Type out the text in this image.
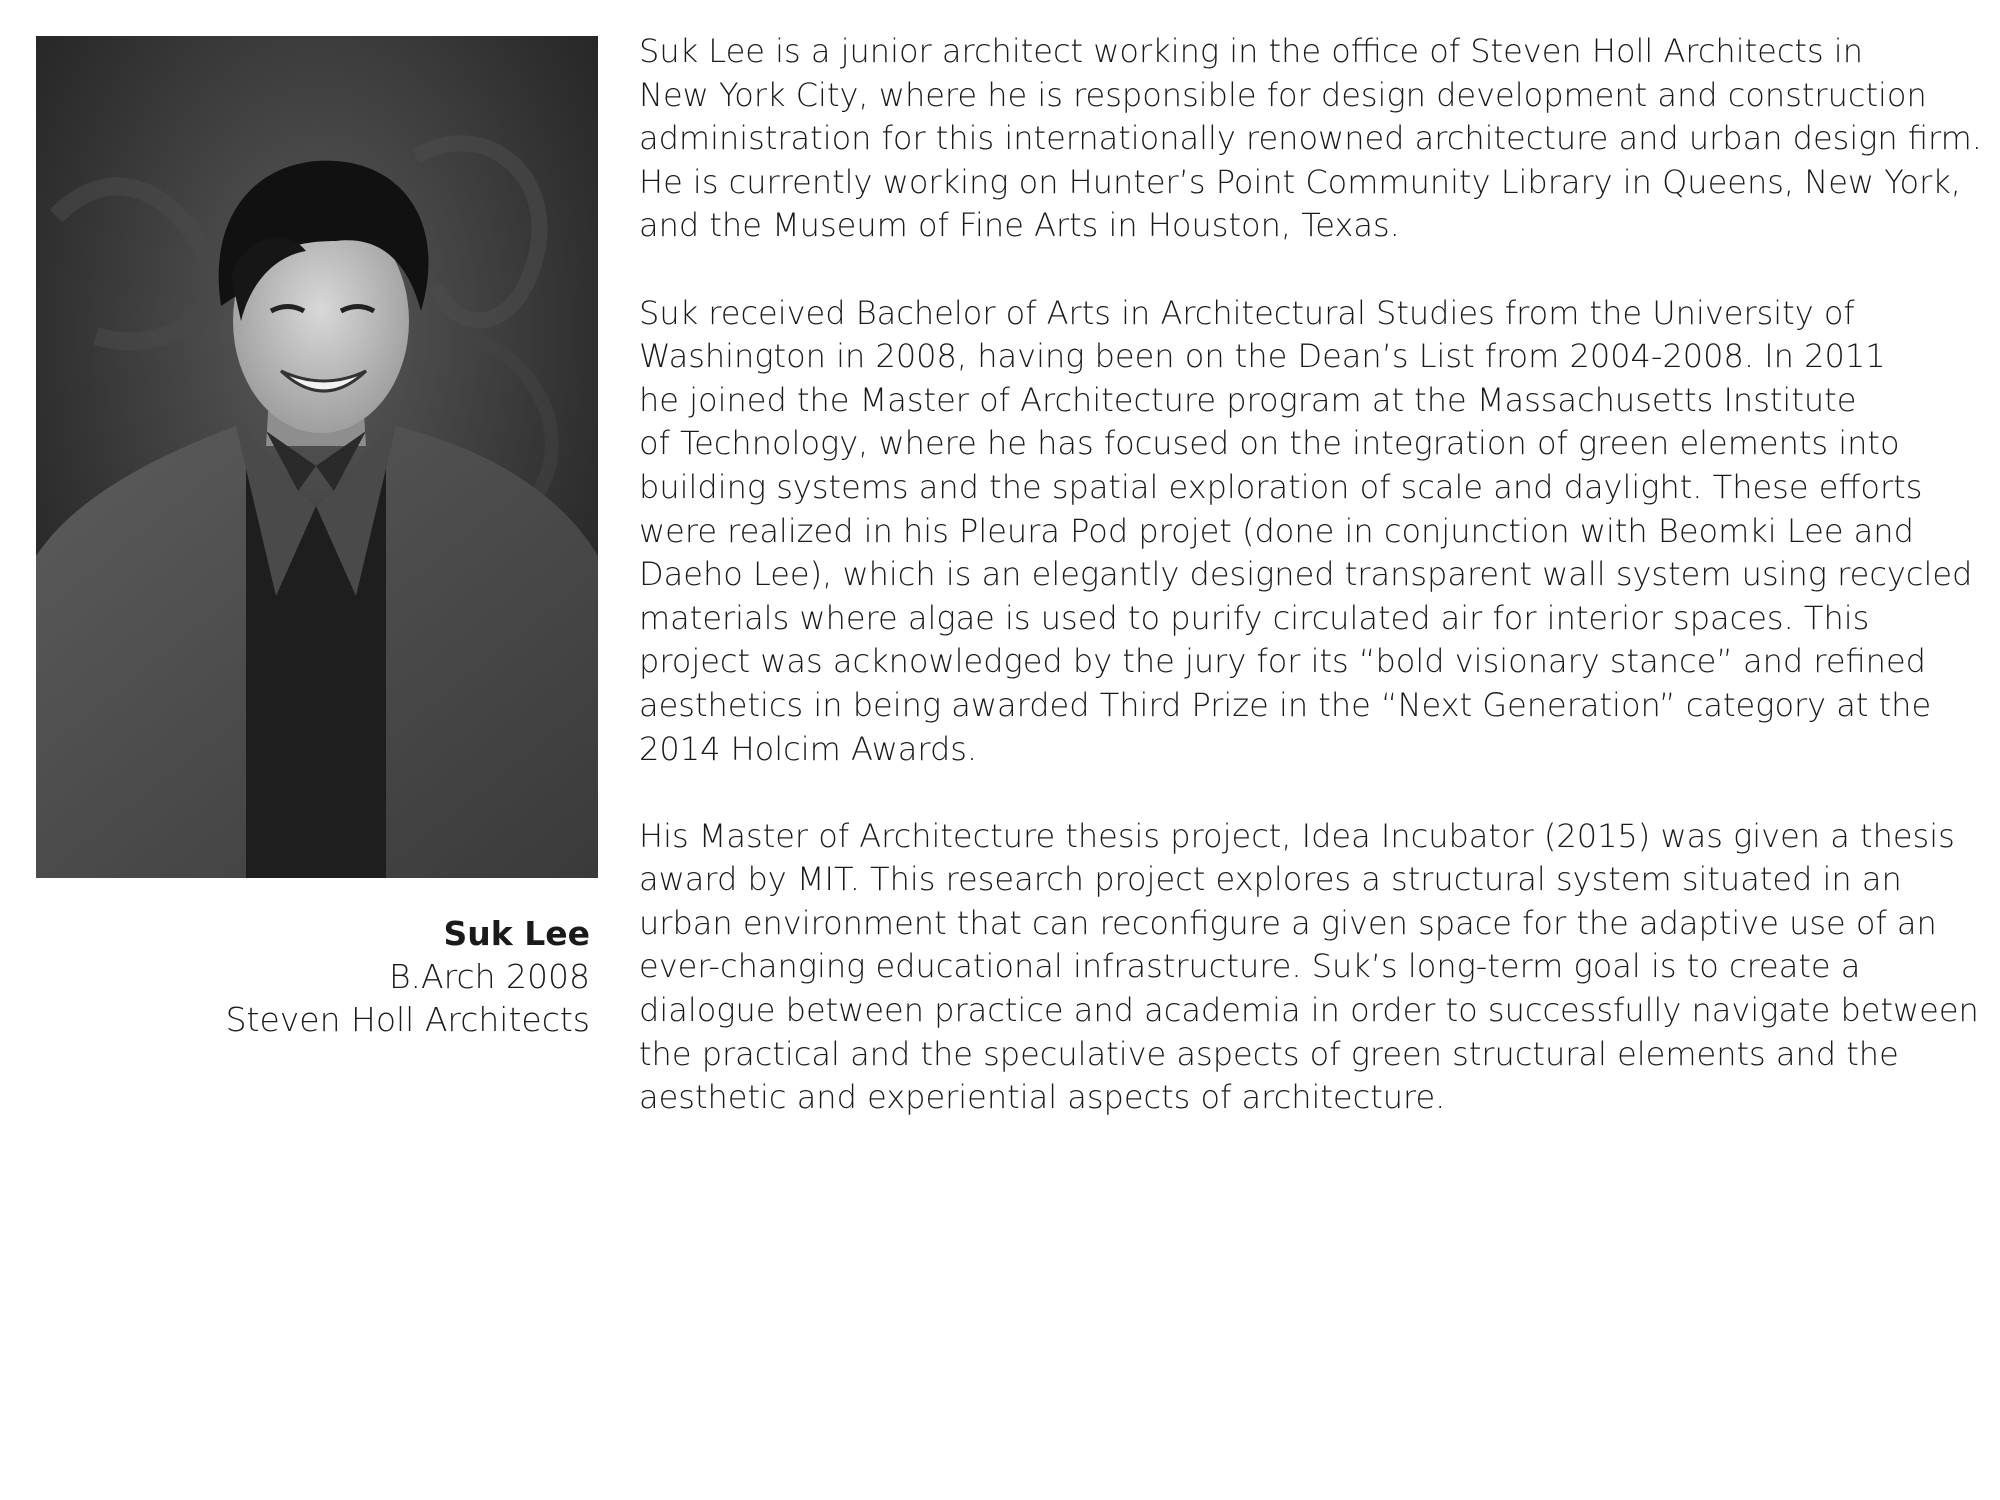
Suk Lee
B.Arch 2008
Steven Holl Architects

Suk Lee is a junior architect working in the office of Steven Holl Architects in
New York City, where he is responsible for design development and construction
administration for this internationally renowned architecture and urban design firm.
He is currently working on Hunter’s Point Community Library in Queens, New York,
and the Museum of Fine Arts in Houston, Texas.

Suk received Bachelor of Arts in Architectural Studies from the University of
Washington in 2008, having been on the Dean’s List from 2004-2008. In 2011
he joined the Master of Architecture program at the Massachusetts Institute
of Technology, where he has focused on the integration of green elements into
building systems and the spatial exploration of scale and daylight. These efforts
were realized in his Pleura Pod projet (done in conjunction with Beomki Lee and
Daeho Lee), which is an elegantly designed transparent wall system using recycled
materials where algae is used to purify circulated air for interior spaces. This
project was acknowledged by the jury for its “bold visionary stance” and refined
aesthetics in being awarded Third Prize in the “Next Generation” category at the
2014 Holcim Awards.

His Master of Architecture thesis project, Idea Incubator (2015) was given a thesis
award by MIT. This research project explores a structural system situated in an
urban environment that can reconfigure a given space for the adaptive use of an
ever-changing educational infrastructure. Suk’s long-term goal is to create a
dialogue between practice and academia in order to successfully navigate between
the practical and the speculative aspects of green structural elements and the
aesthetic and experiential aspects of architecture.
